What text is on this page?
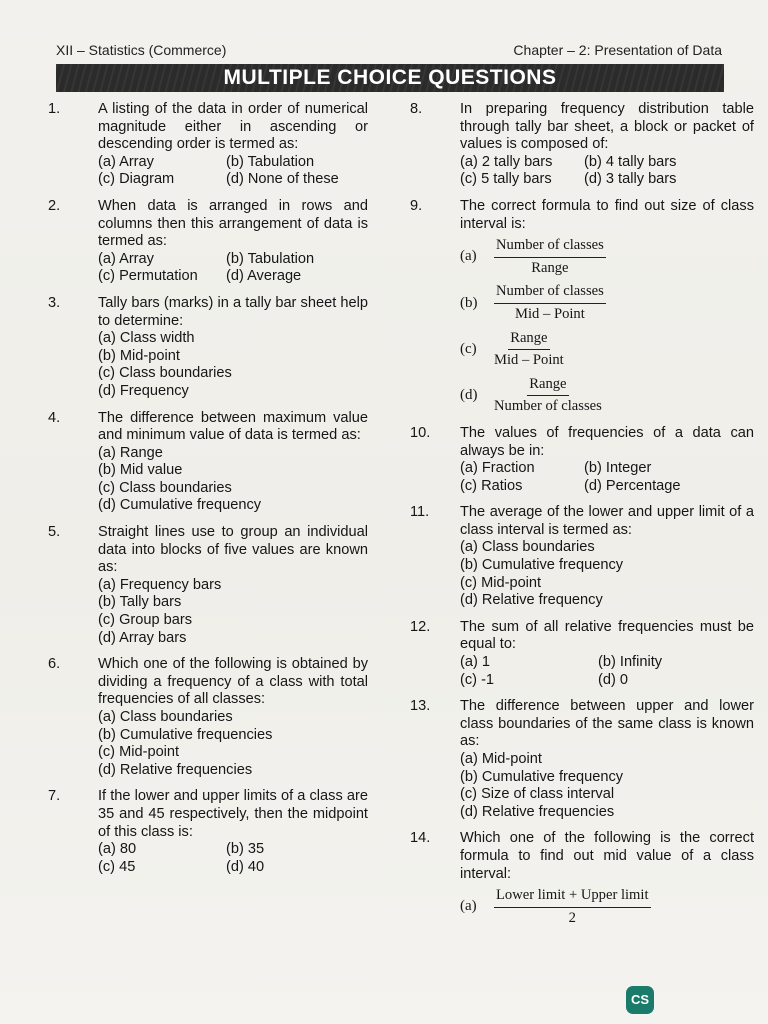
XII – Statistics (Commerce)	Chapter – 2: Presentation of Data
MULTIPLE CHOICE QUESTIONS
1.	A listing of the data in order of numerical magnitude either in ascending or descending order is termed as:
(a) Array	(b) Tabulation
(c) Diagram	(d) None of these
2.	When data is arranged in rows and columns then this arrangement of data is termed as:
(a) Array	(b) Tabulation
(c) Permutation	(d) Average
3.	Tally bars (marks) in a tally bar sheet help to determine:
(a) Class width
(b) Mid-point
(c) Class boundaries
(d) Frequency
4.	The difference between maximum value and minimum value of data is termed as:
(a) Range
(b) Mid value
(c) Class boundaries
(d) Cumulative frequency
5.	Straight lines use to group an individual data into blocks of five values are known as:
(a) Frequency bars
(b) Tally bars
(c) Group bars
(d) Array bars
6.	Which one of the following is obtained by dividing a frequency of a class with total frequencies of all classes:
(a) Class boundaries
(b) Cumulative frequencies
(c) Mid-point
(d) Relative frequencies
7.	If the lower and upper limits of a class are 35 and 45 respectively, then the midpoint of this class is:
(a) 80	(b) 35
(c) 45	(d) 40
8.	In preparing frequency distribution table through tally bar sheet, a block or packet of values is composed of:
(a) 2 tally bars	(b) 4 tally bars
(c) 5 tally bars	(d) 3 tally bars
9.	The correct formula to find out size of class interval is:
(a)	$\frac{\text{Number of classes}}{\text{Range}}$
(b)	$\frac{\text{Number of classes}}{\text{Mid – Point}}$
(c)	$\frac{\text{Range}}{\text{Mid – Point}}$
(d)	$\frac{\text{Range}}{\text{Number of classes}}$
10. The values of frequencies of a data can always be in:
(a) Fraction	(b) Integer
(c) Ratios	(d) Percentage
11. The average of the lower and upper limit of a class interval is termed as:
(a) Class boundaries
(b) Cumulative frequency
(c) Mid-point
(d) Relative frequency
12. The sum of all relative frequencies must be equal to:
(a) 1	(b) Infinity
(c) -1	(d) 0
13. The difference between upper and lower class boundaries of the same class is known as:
(a) Mid-point
(b) Cumulative frequency
(c) Size of class interval
(d) Relative frequencies
14. Which one of the following is the correct formula to find out mid value of a class interval:
(a)	$\frac{\text{Lower limit + Upper limit}}{2}$
CS
